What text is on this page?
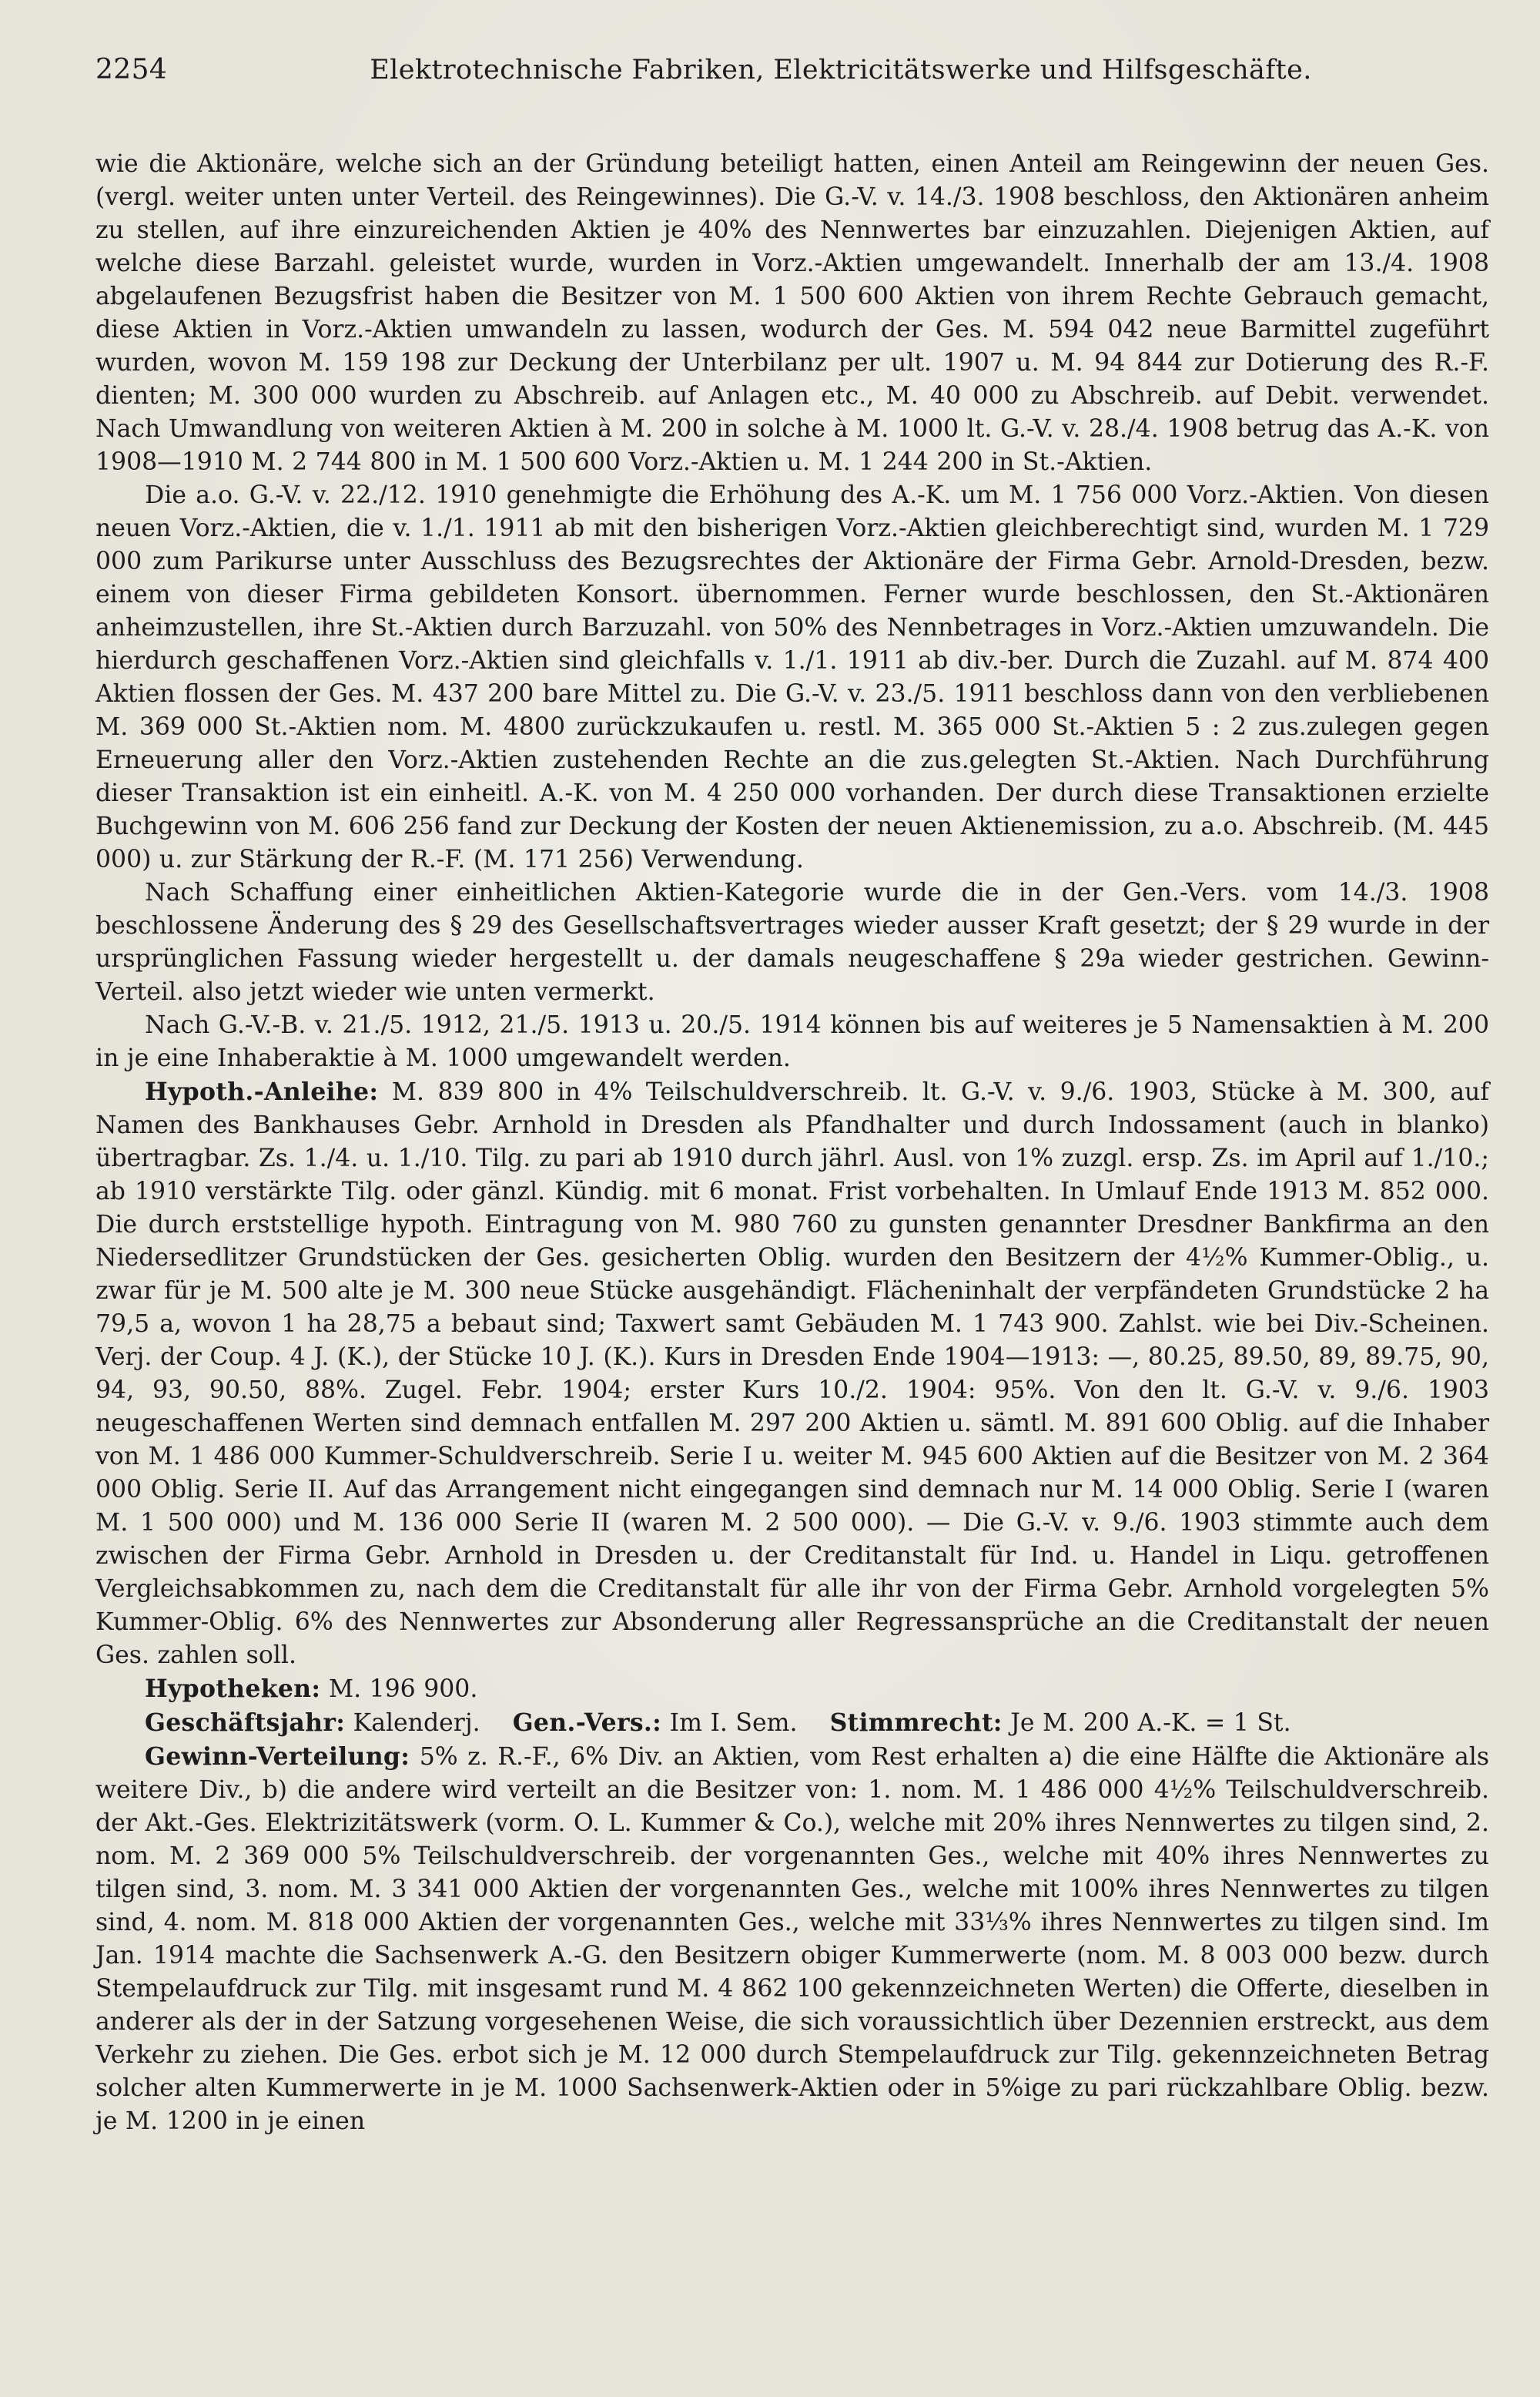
2254	Elektrotechnische Fabriken, Elektricitätswerke und Hilfsgeschäfte.

wie die Aktionäre, welche sich an der Gründung beteiligt hatten, einen Anteil am Reingewinn der neuen Ges. (vergl. weiter unten unter Verteil. des Reingewinnes). Die G.-V. v. 14./3. 1908 beschloss, den Aktionären anheim zu stellen, auf ihre einzureichenden Aktien je 40% des Nennwertes bar einzuzahlen. Diejenigen Aktien, auf welche diese Barzahl. geleistet wurde, wurden in Vorz.-Aktien umgewandelt. Innerhalb der am 13./4. 1908 abgelaufenen Bezugsfrist haben die Besitzer von M. 1 500 600 Aktien von ihrem Rechte Gebrauch gemacht, diese Aktien in Vorz.-Aktien umwandeln zu lassen, wodurch der Ges. M. 594 042 neue Barmittel zugeführt wurden, wovon M. 159 198 zur Deckung der Unterbilanz per ult. 1907 u. M. 94 844 zur Dotierung des R.-F. dienten; M. 300 000 wurden zu Abschreib. auf Anlagen etc., M. 40 000 zu Abschreib. auf Debit. verwendet. Nach Umwandlung von weiteren Aktien à M. 200 in solche à M. 1000 lt. G.-V. v. 28./4. 1908 betrug das A.-K. von 1908—1910 M. 2 744 800 in M. 1 500 600 Vorz.-Aktien u. M. 1 244 200 in St.-Aktien.

Die a.o. G.-V. v. 22./12. 1910 genehmigte die Erhöhung des A.-K. um M. 1 756 000 Vorz.-Aktien. Von diesen neuen Vorz.-Aktien, die v. 1./1. 1911 ab mit den bisherigen Vorz.-Aktien gleichberechtigt sind, wurden M. 1 729 000 zum Parikurse unter Ausschluss des Bezugsrechtes der Aktionäre der Firma Gebr. Arnold-Dresden, bezw. einem von dieser Firma gebildeten Konsort. übernommen. Ferner wurde beschlossen, den St.-Aktionären anheimzustellen, ihre St.-Aktien durch Barzuzahl. von 50% des Nennbetrages in Vorz.-Aktien umzuwandeln. Die hierdurch geschaffenen Vorz.-Aktien sind gleichfalls v. 1./1. 1911 ab div.-ber. Durch die Zuzahl. auf M. 874 400 Aktien flossen der Ges. M. 437 200 bare Mittel zu. Die G.-V. v. 23./5. 1911 beschloss dann von den verbliebenen M. 369 000 St.-Aktien nom. M. 4800 zurückzukaufen u. restl. M. 365 000 St.-Aktien 5 : 2 zus.zulegen gegen Erneuerung aller den Vorz.-Aktien zustehenden Rechte an die zus.gelegten St.-Aktien. Nach Durchführung dieser Transaktion ist ein einheitl. A.-K. von M. 4 250 000 vorhanden. Der durch diese Transaktionen erzielte Buchgewinn von M. 606 256 fand zur Deckung der Kosten der neuen Aktienemission, zu a.o. Abschreib. (M. 445 000) u. zur Stärkung der R.-F. (M. 171 256) Verwendung.

Nach Schaffung einer einheitlichen Aktien-Kategorie wurde die in der Gen.-Vers. vom 14./3. 1908 beschlossene Änderung des § 29 des Gesellschaftsvertrages wieder ausser Kraft gesetzt; der § 29 wurde in der ursprünglichen Fassung wieder hergestellt u. der damals neugeschaffene § 29a wieder gestrichen. Gewinn-Verteil. also jetzt wieder wie unten vermerkt.

Nach G.-V.-B. v. 21./5. 1912, 21./5. 1913 u. 20./5. 1914 können bis auf weiteres je 5 Namensaktien à M. 200 in je eine Inhaberaktie à M. 1000 umgewandelt werden.

Hypoth.-Anleihe: M. 839 800 in 4% Teilschuldverschreib. lt. G.-V. v. 9./6. 1903, Stücke à M. 300, auf Namen des Bankhauses Gebr. Arnhold in Dresden als Pfandhalter und durch Indossament (auch in blanko) übertragbar. Zs. 1./4. u. 1./10. Tilg. zu pari ab 1910 durch jährl. Ausl. von 1% zuzgl. ersp. Zs. im April auf 1./10.; ab 1910 verstärkte Tilg. oder gänzl. Kündig. mit 6 monat. Frist vorbehalten. In Umlauf Ende 1913 M. 852 000. Die durch erststellige hypoth. Eintragung von M. 980 760 zu gunsten genannter Dresdner Bankfirma an den Niedersedlitzer Grundstücken der Ges. gesicherten Oblig. wurden den Besitzern der 4½% Kummer-Oblig., u. zwar für je M. 500 alte je M. 300 neue Stücke ausgehändigt. Flächeninhalt der verpfändeten Grundstücke 2 ha 79,5 a, wovon 1 ha 28,75 a bebaut sind; Taxwert samt Gebäuden M. 1 743 900. Zahlst. wie bei Div.-Scheinen. Verj. der Coup. 4 J. (K.), der Stücke 10 J. (K.). Kurs in Dresden Ende 1904—1913: —, 80.25, 89.50, 89, 89.75, 90, 94, 93, 90.50, 88%. Zugel. Febr. 1904; erster Kurs 10./2. 1904: 95%. Von den lt. G.-V. v. 9./6. 1903 neugeschaffenen Werten sind demnach entfallen M. 297 200 Aktien u. sämtl. M. 891 600 Oblig. auf die Inhaber von M. 1 486 000 Kummer-Schuldverschreib. Serie I u. weiter M. 945 600 Aktien auf die Besitzer von M. 2 364 000 Oblig. Serie II. Auf das Arrangement nicht eingegangen sind demnach nur M. 14 000 Oblig. Serie I (waren M. 1 500 000) und M. 136 000 Serie II (waren M. 2 500 000). — Die G.-V. v. 9./6. 1903 stimmte auch dem zwischen der Firma Gebr. Arnhold in Dresden u. der Creditanstalt für Ind. u. Handel in Liqu. getroffenen Vergleichsabkommen zu, nach dem die Creditanstalt für alle ihr von der Firma Gebr. Arnhold vorgelegten 5% Kummer-Oblig. 6% des Nennwertes zur Absonderung aller Regressansprüche an die Creditanstalt der neuen Ges. zahlen soll.

Hypotheken: M. 196 900.

Geschäftsjahr: Kalenderj. Gen.-Vers.: Im I. Sem. Stimmrecht: Je M. 200 A.-K. = 1 St.

Gewinn-Verteilung: 5% z. R.-F., 6% Div. an Aktien, vom Rest erhalten a) die eine Hälfte die Aktionäre als weitere Div., b) die andere wird verteilt an die Besitzer von: 1. nom. M. 1 486 000 4½% Teilschuldverschreib. der Akt.-Ges. Elektrizitätswerk (vorm. O. L. Kummer & Co.), welche mit 20% ihres Nennwertes zu tilgen sind, 2. nom. M. 2 369 000 5% Teilschuldverschreib. der vorgenannten Ges., welche mit 40% ihres Nennwertes zu tilgen sind, 3. nom. M. 3 341 000 Aktien der vorgenannten Ges., welche mit 100% ihres Nennwertes zu tilgen sind, 4. nom. M. 818 000 Aktien der vorgenannten Ges., welche mit 33⅓% ihres Nennwertes zu tilgen sind. Im Jan. 1914 machte die Sachsenwerk A.-G. den Besitzern obiger Kummerwerte (nom. M. 8 003 000 bezw. durch Stempelaufdruck zur Tilg. mit insgesamt rund M. 4 862 100 gekennzeichneten Werten) die Offerte, dieselben in anderer als der in der Satzung vorgesehenen Weise, die sich voraussichtlich über Dezennien erstreckt, aus dem Verkehr zu ziehen. Die Ges. erbot sich je M. 12 000 durch Stempelaufdruck zur Tilg. gekennzeichneten Betrag solcher alten Kummerwerte in je M. 1000 Sachsenwerk-Aktien oder in 5%ige zu pari rückzahlbare Oblig. bezw. je M. 1200 in je einen
